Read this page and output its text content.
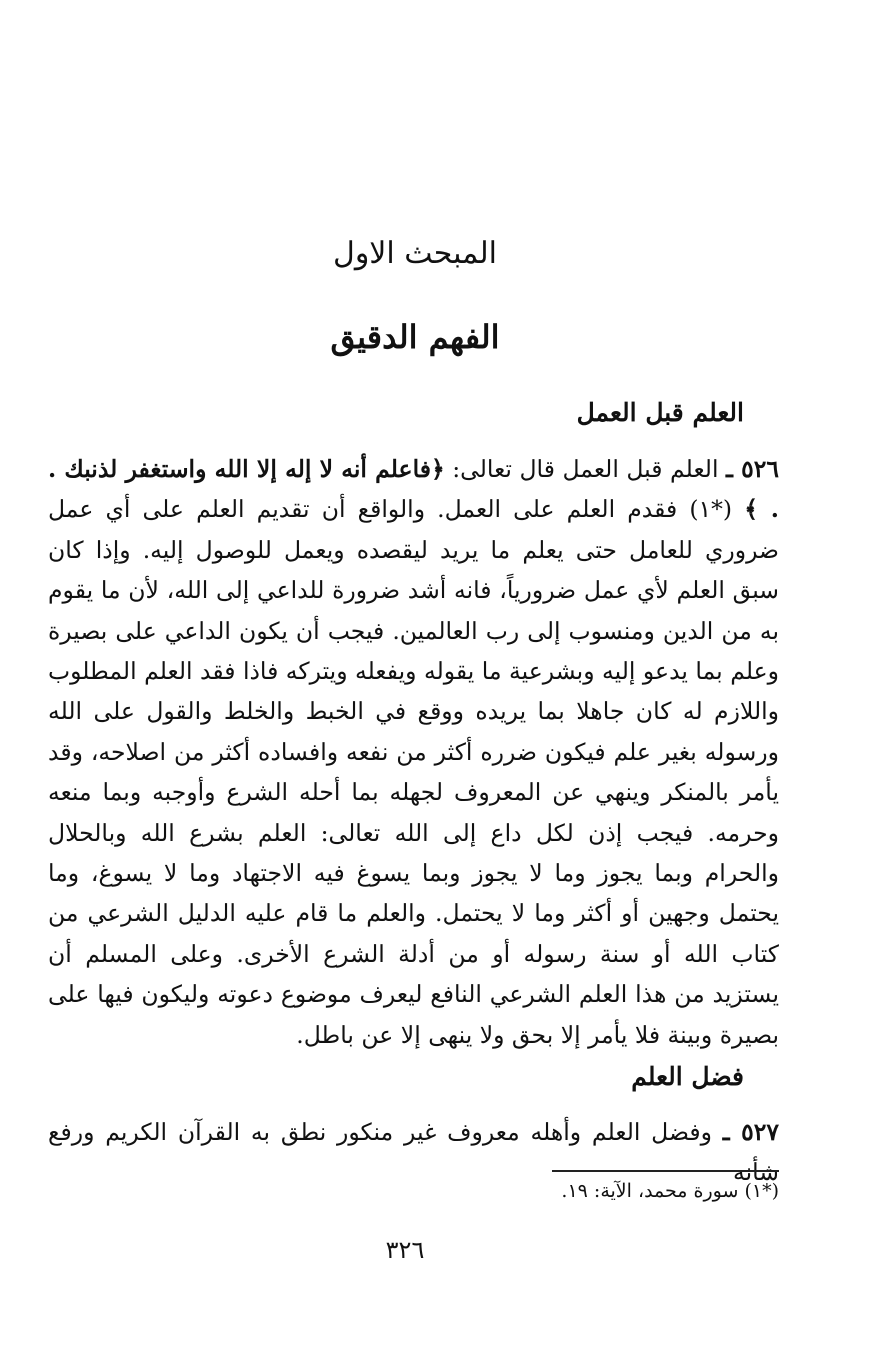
المبحث الاول
الفهم الدقيق
العلم قبل العمل

٥٢٦ ـ العلم قبل العمل قال تعالى: ﴿فاعلم أنه لا إله إلا الله واستغفر لذنبك . . ﴾ (*١) فقدم العلم على العمل. والواقع أن تقديم العلم على أي عمل ضروري للعامل حتى يعلم ما يريد ليقصده ويعمل للوصول إليه. وإذا كان سبق العلم لأي عمل ضرورياً، فانه أشد ضرورة للداعي إلى الله، لأن ما يقوم به من الدين ومنسوب إلى رب العالمين. فيجب أن يكون الداعي على بصيرة وعلم بما يدعو إليه وبشرعية ما يقوله ويفعله ويتركه فاذا فقد العلم المطلوب واللازم له كان جاهلا بما يريده ووقع في الخبط والخلط والقول على الله ورسوله بغير علم فيكون ضرره أكثر من نفعه وافساده أكثر من اصلاحه، وقد يأمر بالمنكر وينهي عن المعروف لجهله بما أحله الشرع وأوجبه وبما منعه وحرمه. فيجب إذن لكل داع إلى الله تعالى: العلم بشرع الله وبالحلال والحرام وبما يجوز وما لا يجوز وبما يسوغ فيه الاجتهاد وما لا يسوغ، وما يحتمل وجهين أو أكثر وما لا يحتمل. والعلم ما قام عليه الدليل الشرعي من كتاب الله أو سنة رسوله أو من أدلة الشرع الأخرى. وعلى المسلم أن يستزيد من هذا العلم الشرعي النافع ليعرف موضوع دعوته وليكون فيها على بصيرة وبينة فلا يأمر إلا بحق ولا ينهى إلا عن باطل.

فضل العلم

٥٢٧ ـ وفضل العلم وأهله معروف غير منكور نطق به القرآن الكريم ورفع شأنه

(*١) سورة محمد، الآية: ١٩.

٣٢٦
